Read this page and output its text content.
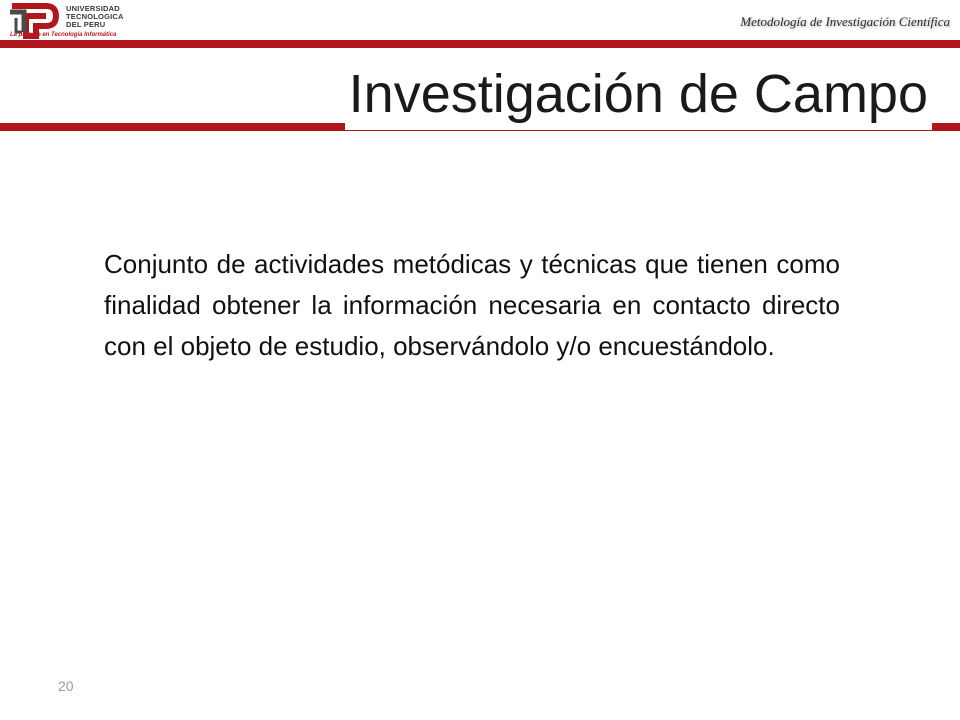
UNIVERSIDAD
TECNOLOGICA
DEL PERU
La primera en Tecnología Informática
Metodología de Investigación Científica
Investigación de Campo

Conjunto de actividades metódicas y técnicas que tienen como finalidad obtener la información necesaria en contacto directo con el objeto de estudio, observándolo y/o encuestándolo.

20
